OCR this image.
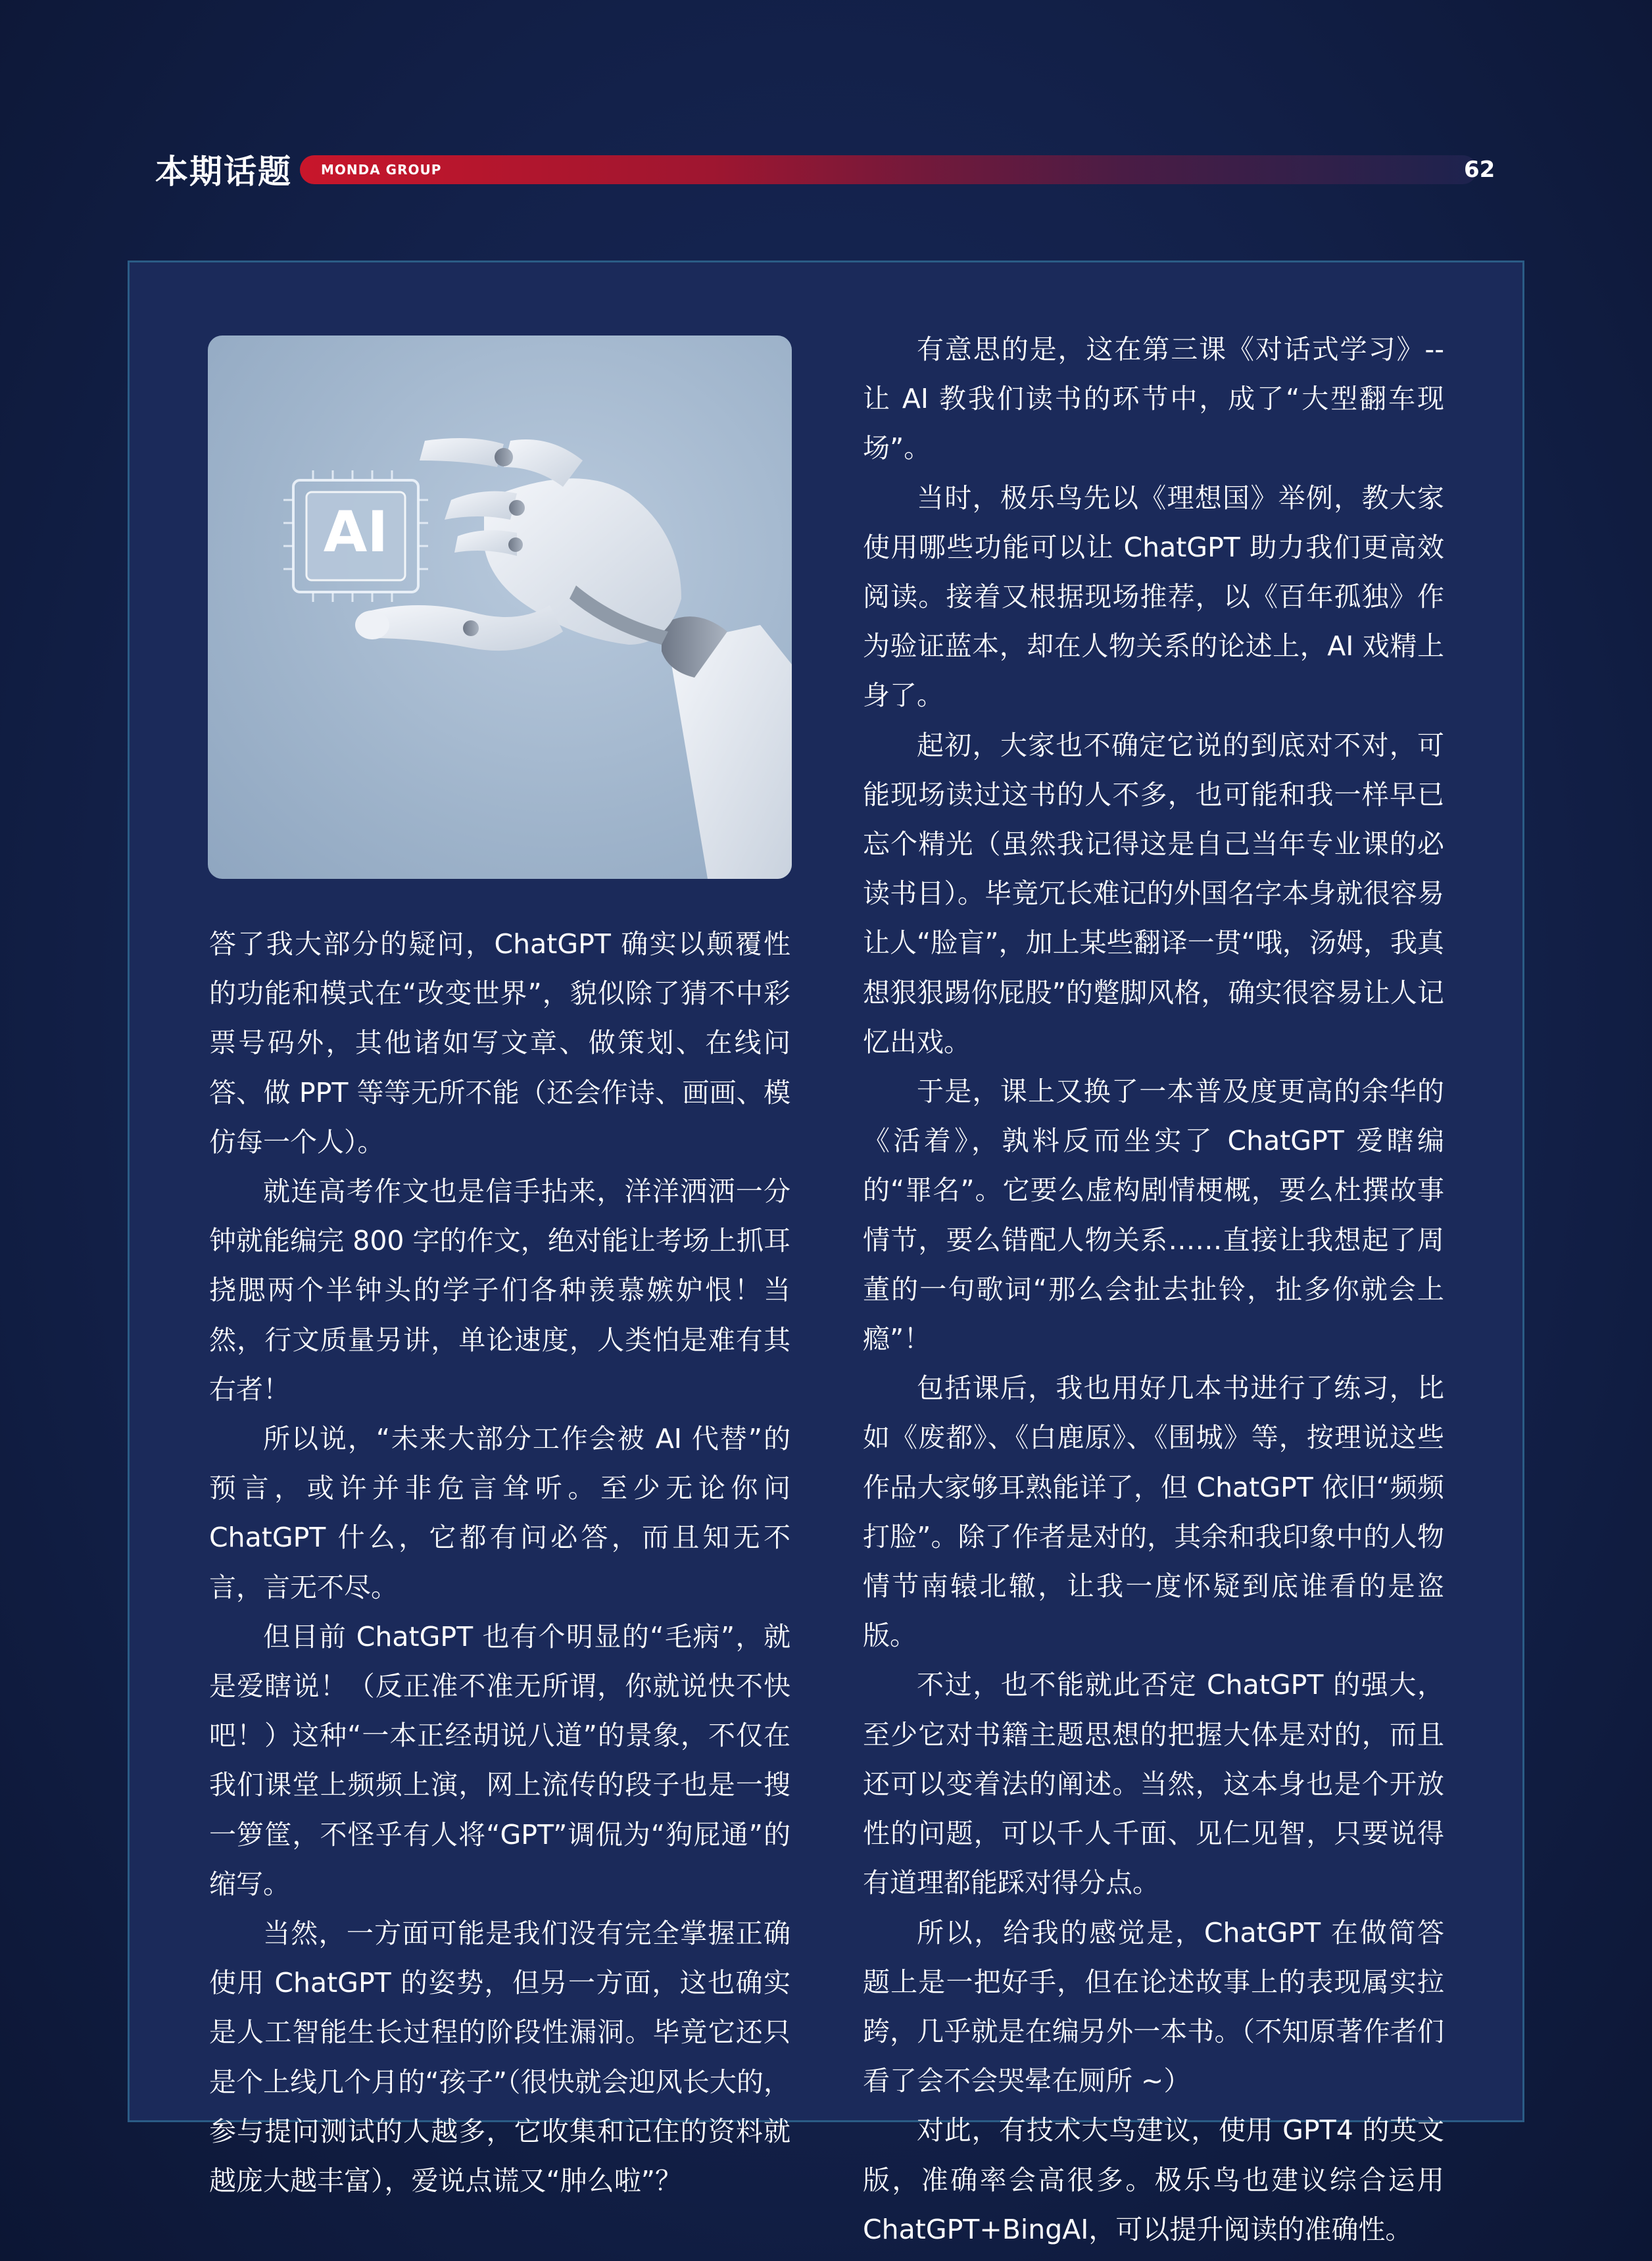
本期话题 MONDA GROUP	62
AI

答了我大部分的疑问，ChatGPT 确实以颠覆性的功能和模式在“改变世界”，貌似除了猜不中彩票号码外，其他诸如写文章、做策划、在线问答、做 PPT 等等无所不能（还会作诗、画画、模仿每一个人）。

就连高考作文也是信手拈来，洋洋洒洒一分钟就能编完 800 字的作文，绝对能让考场上抓耳挠腮两个半钟头的学子们各种羡慕嫉妒恨！当然，行文质量另讲，单论速度，人类怕是难有其右者！

所以说，“未来大部分工作会被 AI 代替”的预言，或许并非危言耸听。至少无论你问 ChatGPT 什么，它都有问必答，而且知无不言，言无不尽。

但目前 ChatGPT 也有个明显的“毛病”，就是爱瞎说！（反正准不准无所谓，你就说快不快吧！）这种“一本正经胡说八道”的景象，不仅在我们课堂上频频上演，网上流传的段子也是一搜一箩筐，不怪乎有人将“GPT”调侃为“狗屁通”的缩写。

当然，一方面可能是我们没有完全掌握正确使用 ChatGPT 的姿势，但另一方面，这也确实是人工智能生长过程的阶段性漏洞。毕竟它还只是个上线几个月的“孩子”（很快就会迎风长大的，参与提问测试的人越多，它收集和记住的资料就越庞大越丰富），爱说点谎又“肿么啦”？

有意思的是，这在第三课《对话式学习》-- 让 AI 教我们读书的环节中，成了“大型翻车现场”。

当时，极乐鸟先以《理想国》举例，教大家使用哪些功能可以让 ChatGPT 助力我们更高效阅读。接着又根据现场推荐，以《百年孤独》作为验证蓝本，却在人物关系的论述上，AI 戏精上身了。

起初，大家也不确定它说的到底对不对，可能现场读过这书的人不多，也可能和我一样早已忘个精光（虽然我记得这是自己当年专业课的必读书目）。毕竟冗长难记的外国名字本身就很容易让人“脸盲”，加上某些翻译一贯“哦，汤姆，我真想狠狠踢你屁股”的蹩脚风格，确实很容易让人记忆出戏。

于是，课上又换了一本普及度更高的余华的《活着》，孰料反而坐实了 ChatGPT 爱瞎编的“罪名”。它要么虚构剧情梗概，要么杜撰故事情节，要么错配人物关系……直接让我想起了周董的一句歌词“那么会扯去扯铃，扯多你就会上瘾”！

包括课后，我也用好几本书进行了练习，比如《废都》、《白鹿原》、《围城》等，按理说这些作品大家够耳熟能详了，但 ChatGPT 依旧“频频打脸”。除了作者是对的，其余和我印象中的人物情节南辕北辙，让我一度怀疑到底谁看的是盗版。

不过，也不能就此否定 ChatGPT 的强大，至少它对书籍主题思想的把握大体是对的，而且还可以变着法的阐述。当然，这本身也是个开放性的问题，可以千人千面、见仁见智，只要说得有道理都能踩对得分点。

所以，给我的感觉是，ChatGPT 在做简答题上是一把好手，但在论述故事上的表现属实拉跨，几乎就是在编另外一本书。（不知原著作者们看了会不会哭晕在厕所 ~）

对此，有技术大鸟建议，使用 GPT4 的英文版，准确率会高很多。极乐鸟也建议综合运用 ChatGPT+BingAI，可以提升阅读的准确性。
